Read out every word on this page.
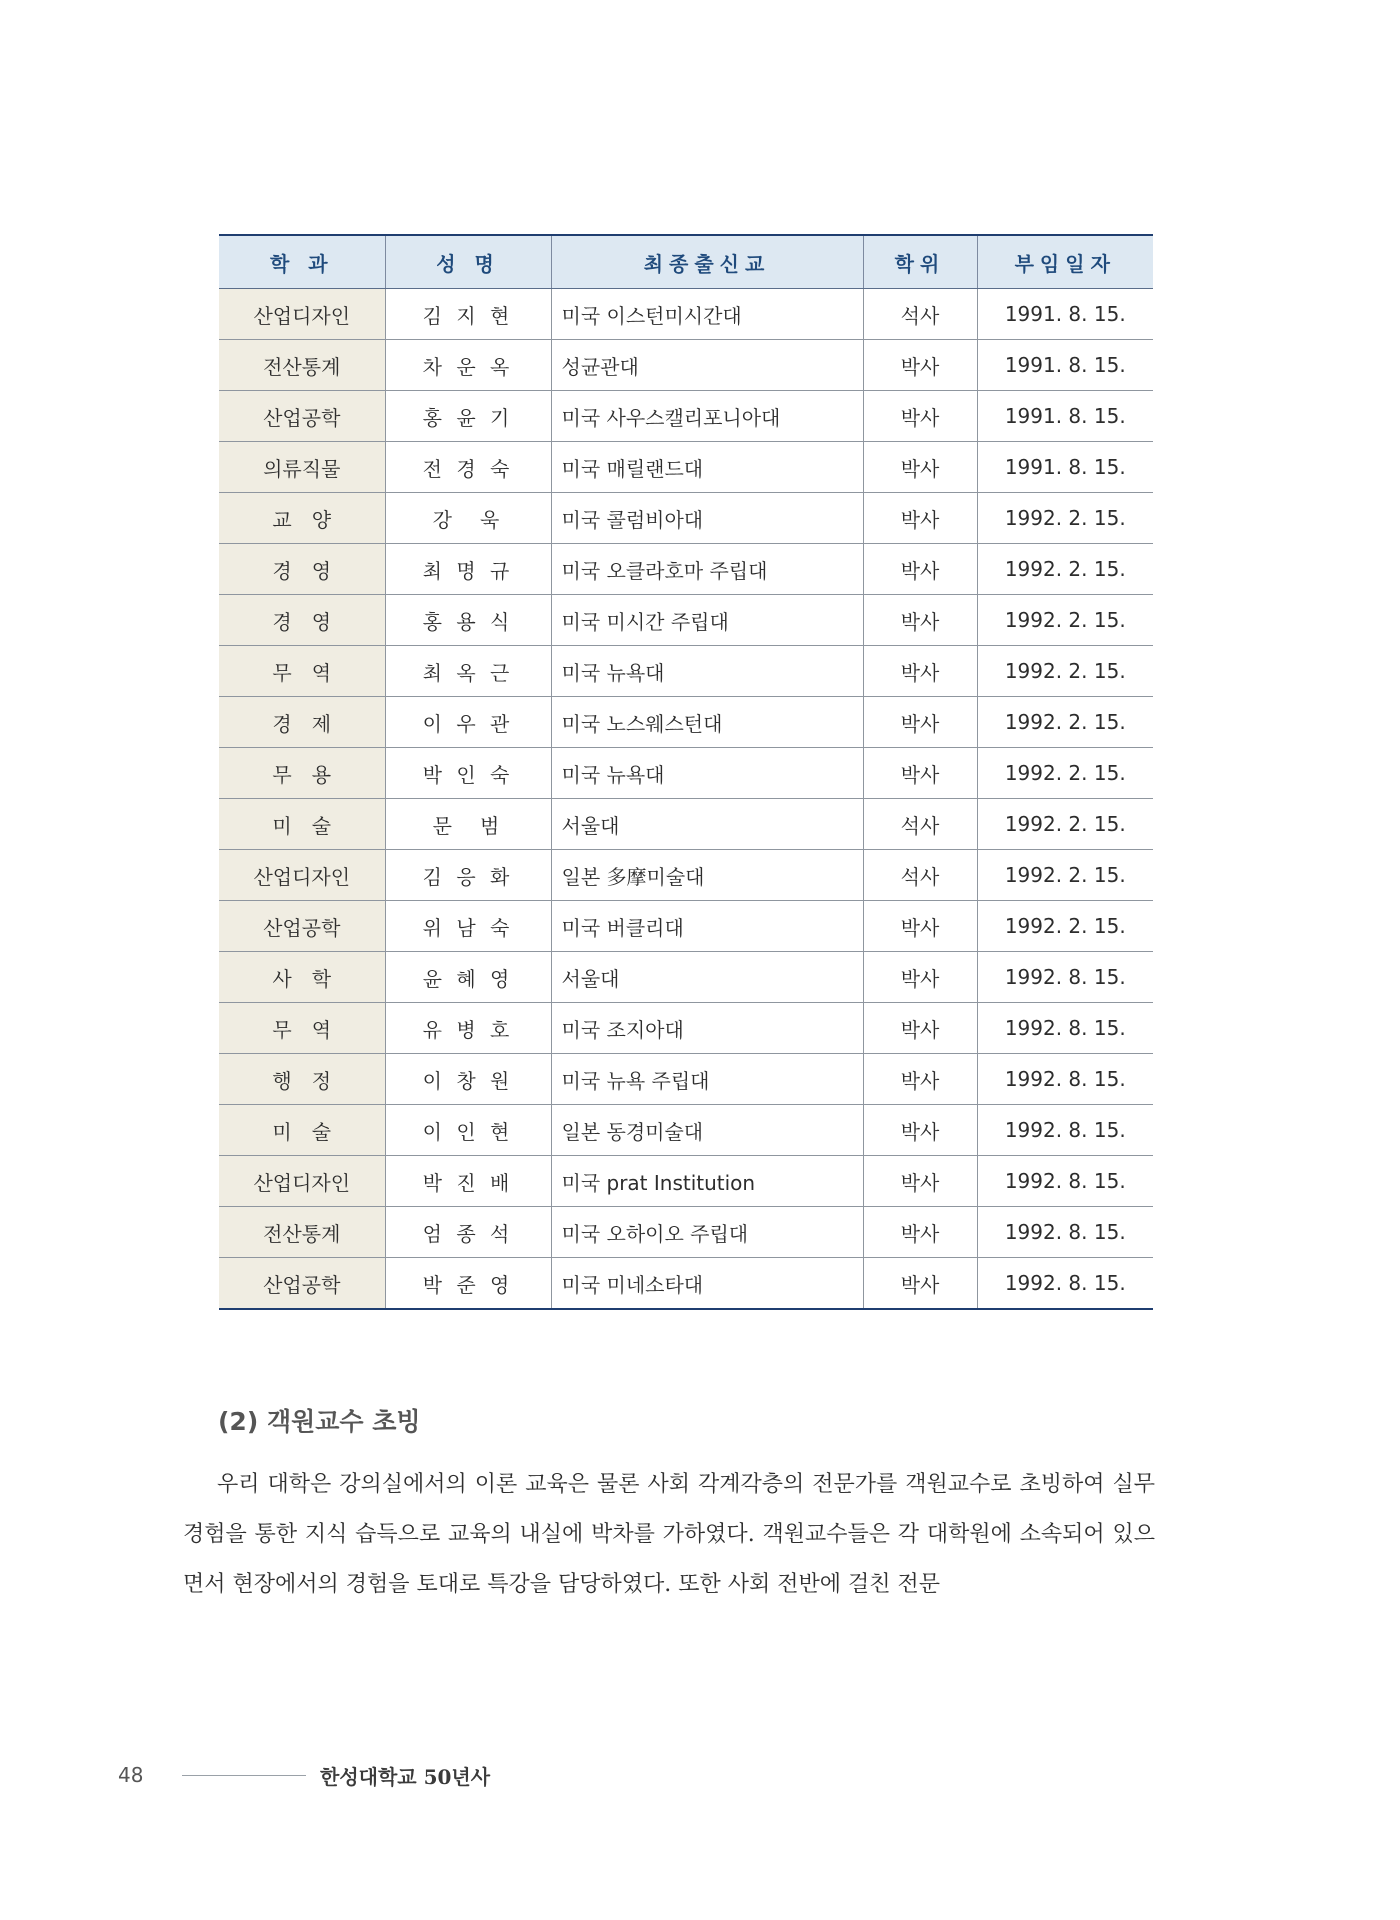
학 과	성 명	최종출신교	학위	부임일자
산업디자인	김 지 현	미국 이스턴미시간대	석사	1991. 8. 15.
전산통계	차 운 옥	성균관대	박사	1991. 8. 15.
산업공학	홍 윤 기	미국 사우스캘리포니아대	박사	1991. 8. 15.
의류직물	전 경 숙	미국 매릴랜드대	박사	1991. 8. 15.
교　양	강　욱	미국 콜럼비아대	박사	1992. 2. 15.
경　영	최 명 규	미국 오클라호마 주립대	박사	1992. 2. 15.
경　영	홍 용 식	미국 미시간 주립대	박사	1992. 2. 15.
무　역	최 옥 근	미국 뉴욕대	박사	1992. 2. 15.
경　제	이 우 관	미국 노스웨스턴대	박사	1992. 2. 15.
무　용	박 인 숙	미국 뉴욕대	박사	1992. 2. 15.
미　술	문　범	서울대	석사	1992. 2. 15.
산업디자인	김 응 화	일본 多摩미술대	석사	1992. 2. 15.
산업공학	위 남 숙	미국 버클리대	박사	1992. 2. 15.
사　학	윤 혜 영	서울대	박사	1992. 8. 15.
무　역	유 병 호	미국 조지아대	박사	1992. 8. 15.
행　정	이 창 원	미국 뉴욕 주립대	박사	1992. 8. 15.
미　술	이 인 현	일본 동경미술대	박사	1992. 8. 15.
산업디자인	박 진 배	미국 prat Institution	박사	1992. 8. 15.
전산통계	엄 종 석	미국 오하이오 주립대	박사	1992. 8. 15.
산업공학	박 준 영	미국 미네소타대	박사	1992. 8. 15.
(2) 객원교수 초빙

우리 대학은 강의실에서의 이론 교육은 물론 사회 각계각층의 전문가를 객원교수로 초빙하여 실무 경험을 통한 지식 습득으로 교육의 내실에 박차를 가하였다. 객원교수들은 각 대학원에 소속되어 있으면서 현장에서의 경험을 토대로 특강을 담당하였다. 또한 사회 전반에 걸친 전문

48	한성대학교 50년사
